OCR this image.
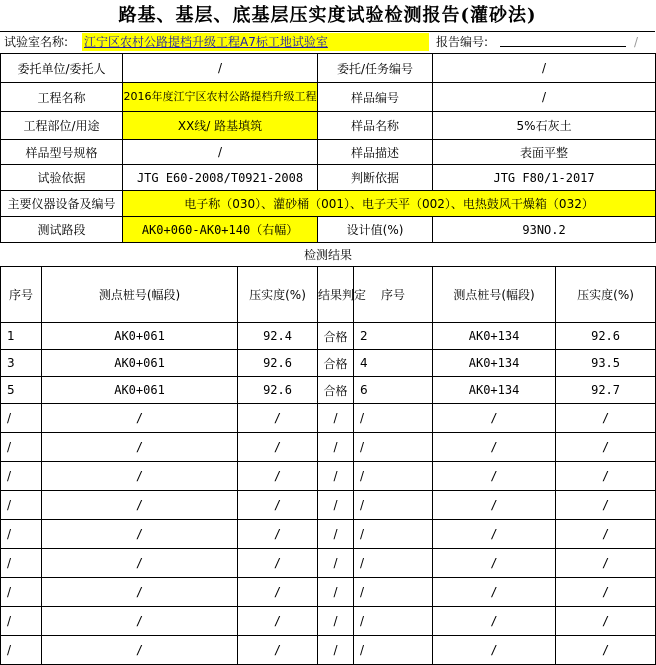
路基、基层、底基层压实度试验检测报告(灌砂法)
试验室名称: 江宁区农村公路提档升级工程A7标工地试验室	报告编号:	/
委托单位/委托人		/		委托/任务编号		/		
工程名称		2016年度江宁区农村公路提档升级工程		样品编号		/		
工程部位/用途		XX线/ 路基填筑		样品名称		5%石灰土		
样品型号规格		/		样品描述		表面平整		
试验依据		JTG E60-2008/T0921-2008		判断依据		JTG F80/1-2017		
主要仪器设备及编号		电子称（030）、灌砂桶（001）、电子天平（002）、电热鼓风干燥箱（032）						
测试路段		AK0+060-AK0+140（右幅）		设计值(%)		93NO.2		
检测结果								
序号	测点桩号(幅段)		压实度(%)	结果判定	序号	测点桩号(幅段)	压实度(%)	
1	AK0+061		92.4	合格	2	AK0+134	92.6	
3	AK0+061		92.6	合格	4	AK0+134	93.5	
5	AK0+061		92.6	合格	6	AK0+134	92.7	
/	/		/	/	/	/	/	
/	/		/	/	/	/	/	
/	/		/	/	/	/	/	
/	/		/	/	/	/	/	
/	/		/	/	/	/	/	
/	/		/	/	/	/	/	
/	/		/	/	/	/	/	
/	/		/	/	/	/	/	
/	/		/	/	/	/	/	
